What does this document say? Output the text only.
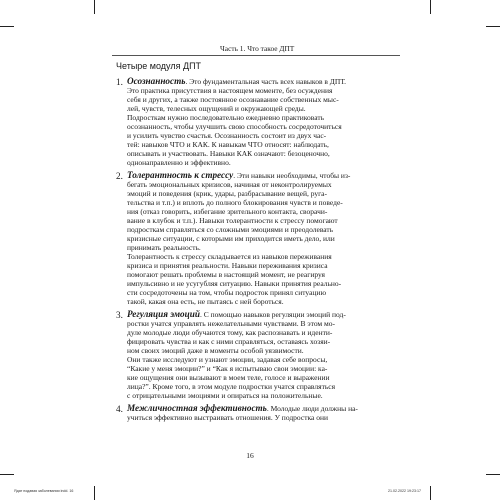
Часть 1. Что такое ДПТ
Четыре модуля ДПТ
1. Осознанность. Это фундаментальная часть всех навыков в ДПТ.

Это практика присутствия в настоящем моменте, без осуждения

себя и других, а также постоянное осознавание собственных мыс-

лей, чувств, телесных ощущений и окружающей среды.

Подросткам нужно последовательно ежедневно практиковать

осознанность, чтобы улучшить свою способность сосредоточиться

и усилить чувство счастья. Осознанность состоит из двух час-

тей: навыков ЧТО и КАК. К навыкам ЧТО относят: наблюдать,

описывать и участвовать. Навыки КАК означают: безоценочно,

однонаправленно и эффективно.

2. Толерантность к стрессу. Эти навыки необходимы, чтобы из-

бегать эмоциональных кризисов, начиная от неконтролируемых

эмоций и поведения (крик, удары, разбрасывание вещей, руга-

тельства и т.п.) и вплоть до полного блокирования чувств и поведе-

ния (отказ говорить, избегание зрительного контакта, сворачи-

вание в клубок и т.п.). Навыки толерантности к стрессу помогают

подросткам справляться со сложными эмоциями и преодолевать

кризисные ситуации, с которыми им приходится иметь дело, или

принимать реальность.

Толерантность к стрессу складывается из навыков переживания

кризиса и принятия реальности. Навыки переживания кризиса

помогают решать проблемы в настоящий момент, не реагируя

импульсивно и не усугубляя ситуацию. Навыки принятия реально-

сти сосредоточены на том, чтобы подросток принял ситуацию

такой, какая она есть, не пытаясь с ней бороться.

3. Регуляция эмоций. С помощью навыков регуляции эмоций под-

ростки учатся управлять нежелательными чувствами. В этом мо-

дуле молодые люди обучаются тому, как распознавать и иденти-

фицировать чувства и как с ними справляться, оставаясь хозяи-

ном своих эмоций даже в моменты особой уязвимости.

Они также исследуют и узнают эмоции, задавая себе вопросы,

“Какие у меня эмоции?” и “Как я испытываю свои эмоции: ка-

кие ощущения они вызывают в моем теле, голосе и выражении

лица?”. Кроме того, в этом модуле подростки учатся справляться

с отрицательными эмоциями и опираться на положительные.

4. Межличностная эффективность. Молодые люди должны на-

учиться эффективно выстраивать отношения. У подростка они

16
Ядат подавая заболевании indd. 16	21.02.2022 19:23:17
